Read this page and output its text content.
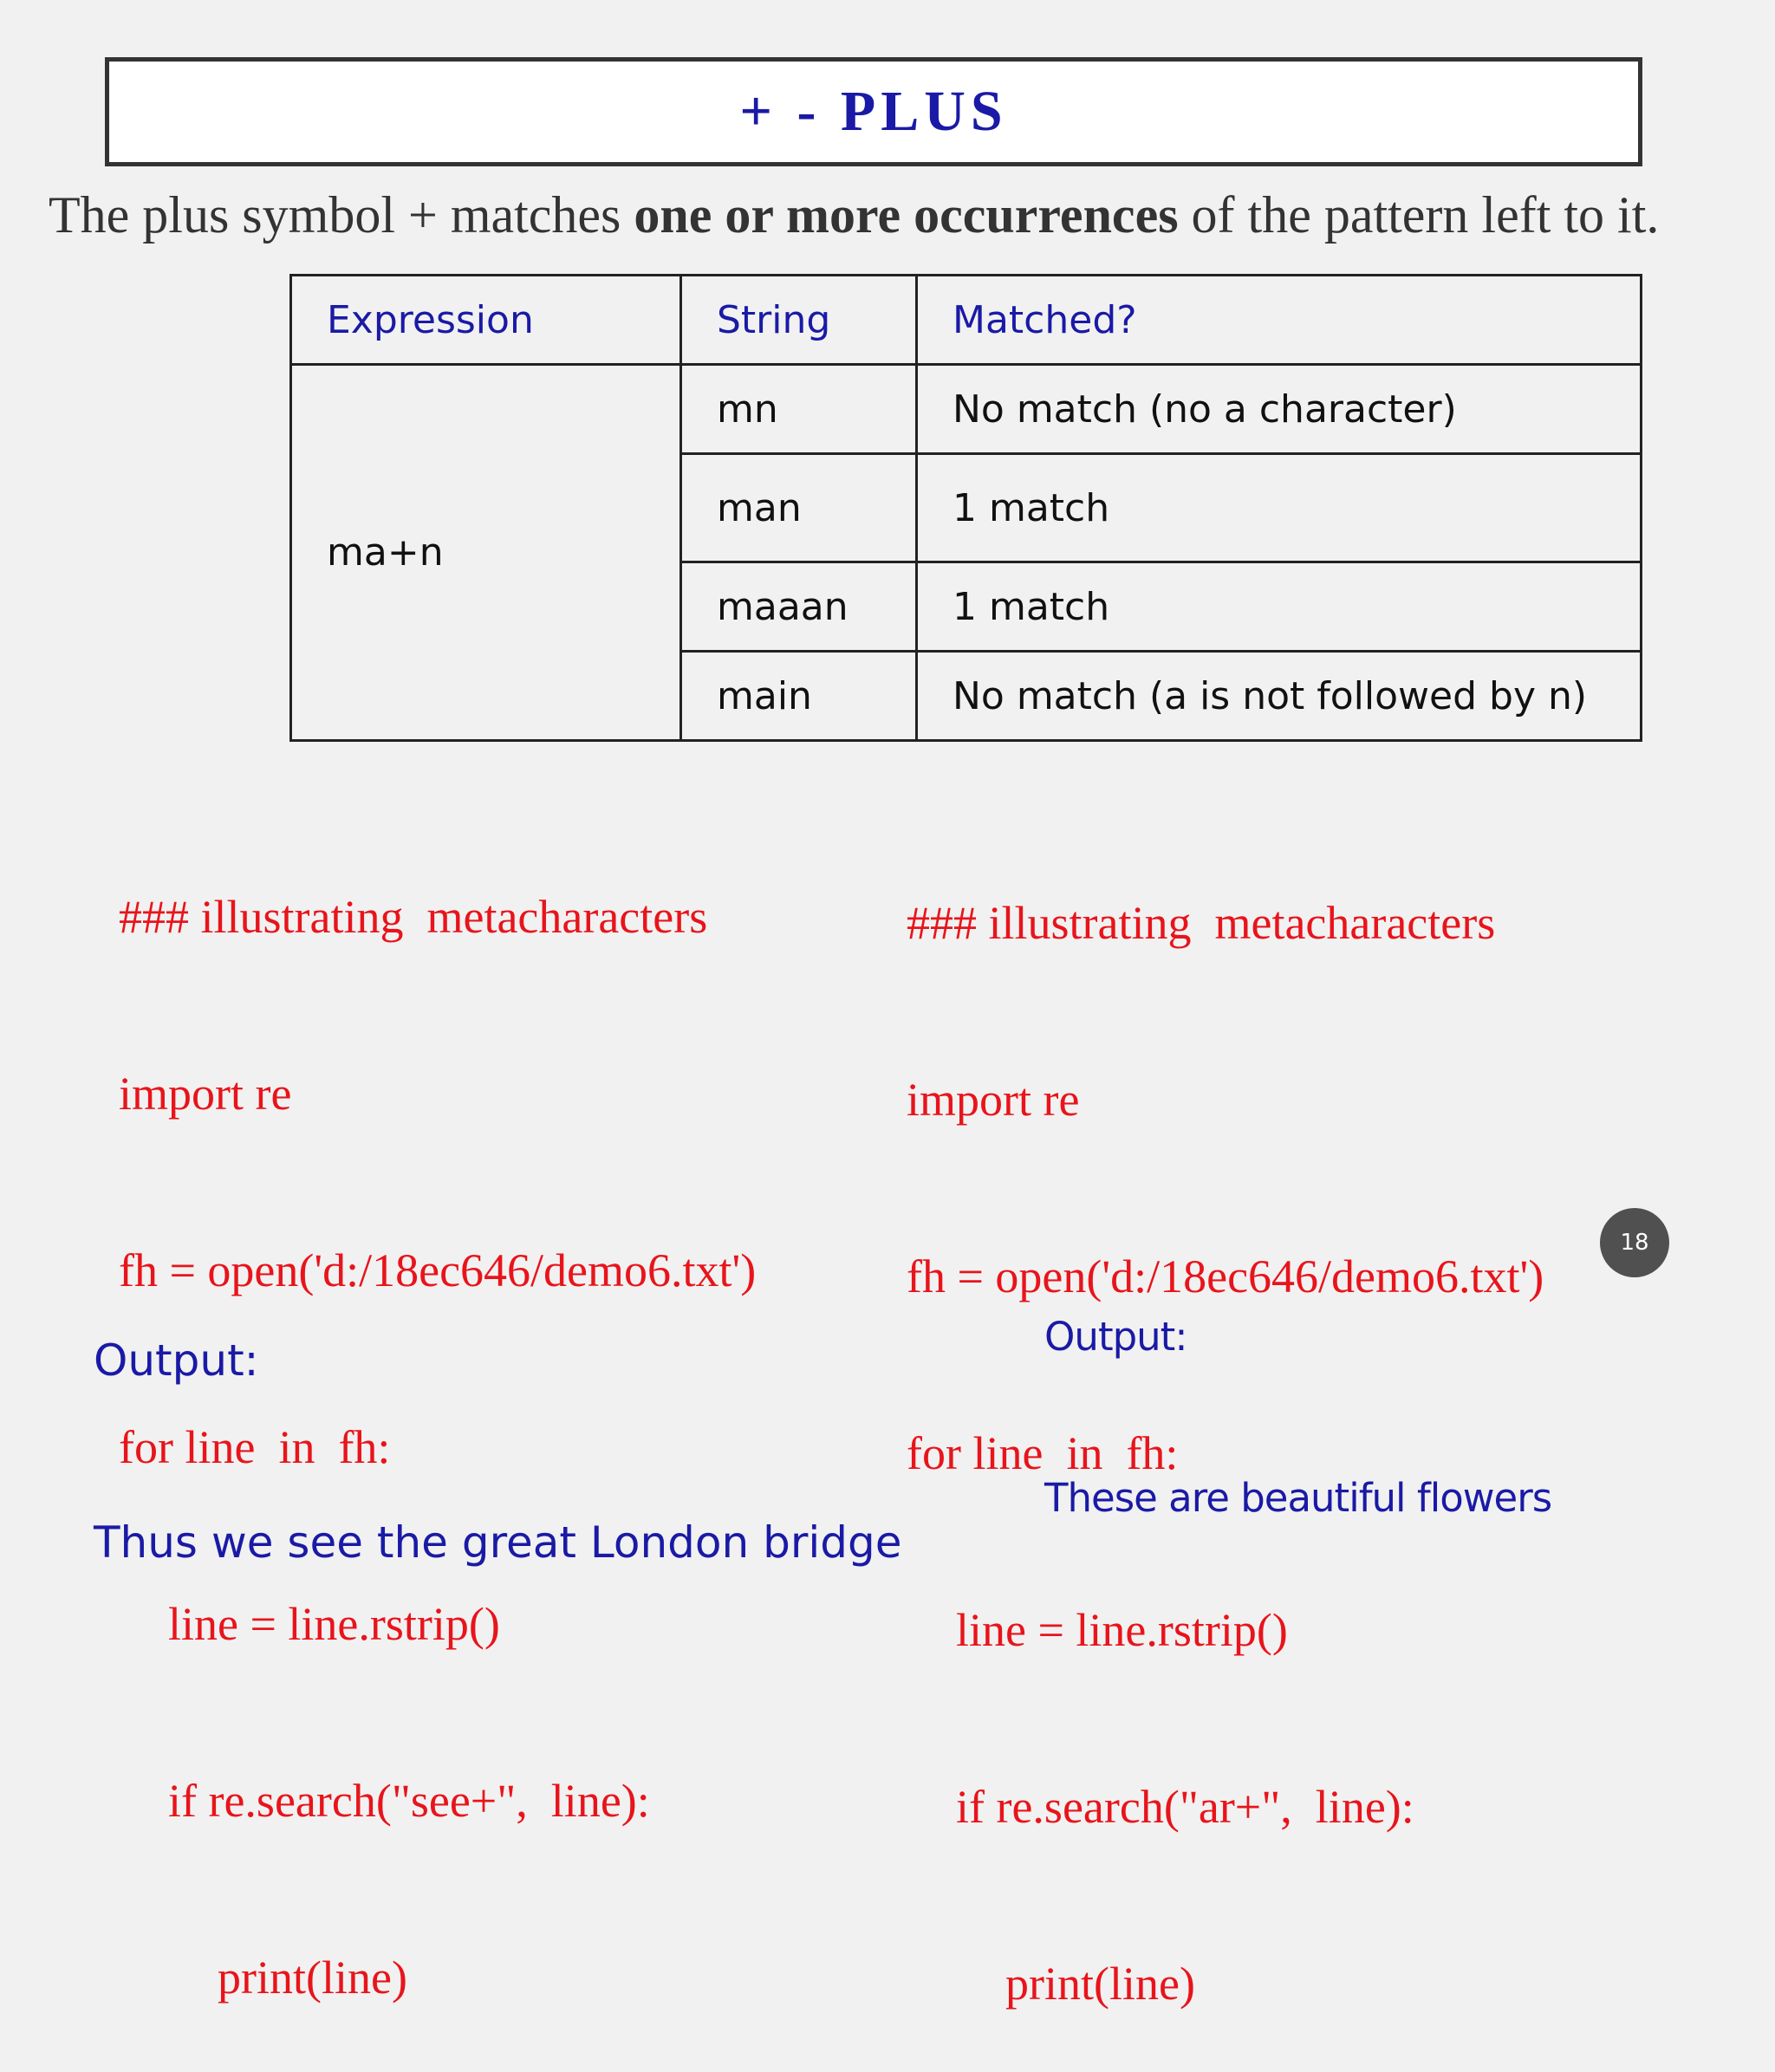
+ - PLUS
The plus symbol + matches one or more occurrences of the pattern left to it.
Expression	String	Matched?
ma+n	mn	No match (no a character)
	man	1 match
	maaan	1 match
	main	No match (a is not followed by n)

### illustrating  metacharacters

import re

fh = open('d:/18ec646/demo6.txt')

for line  in  fh:

line = line.rstrip()

if re.search("see+",  line):

print(line)

### illustrating  metacharacters

import re

fh = open('d:/18ec646/demo6.txt')

for line  in  fh:

line = line.rstrip()

if re.search("ar+",  line):

print(line)

Output:

Thus we see the great London bridge

Output:

These are beautiful flowers

18
